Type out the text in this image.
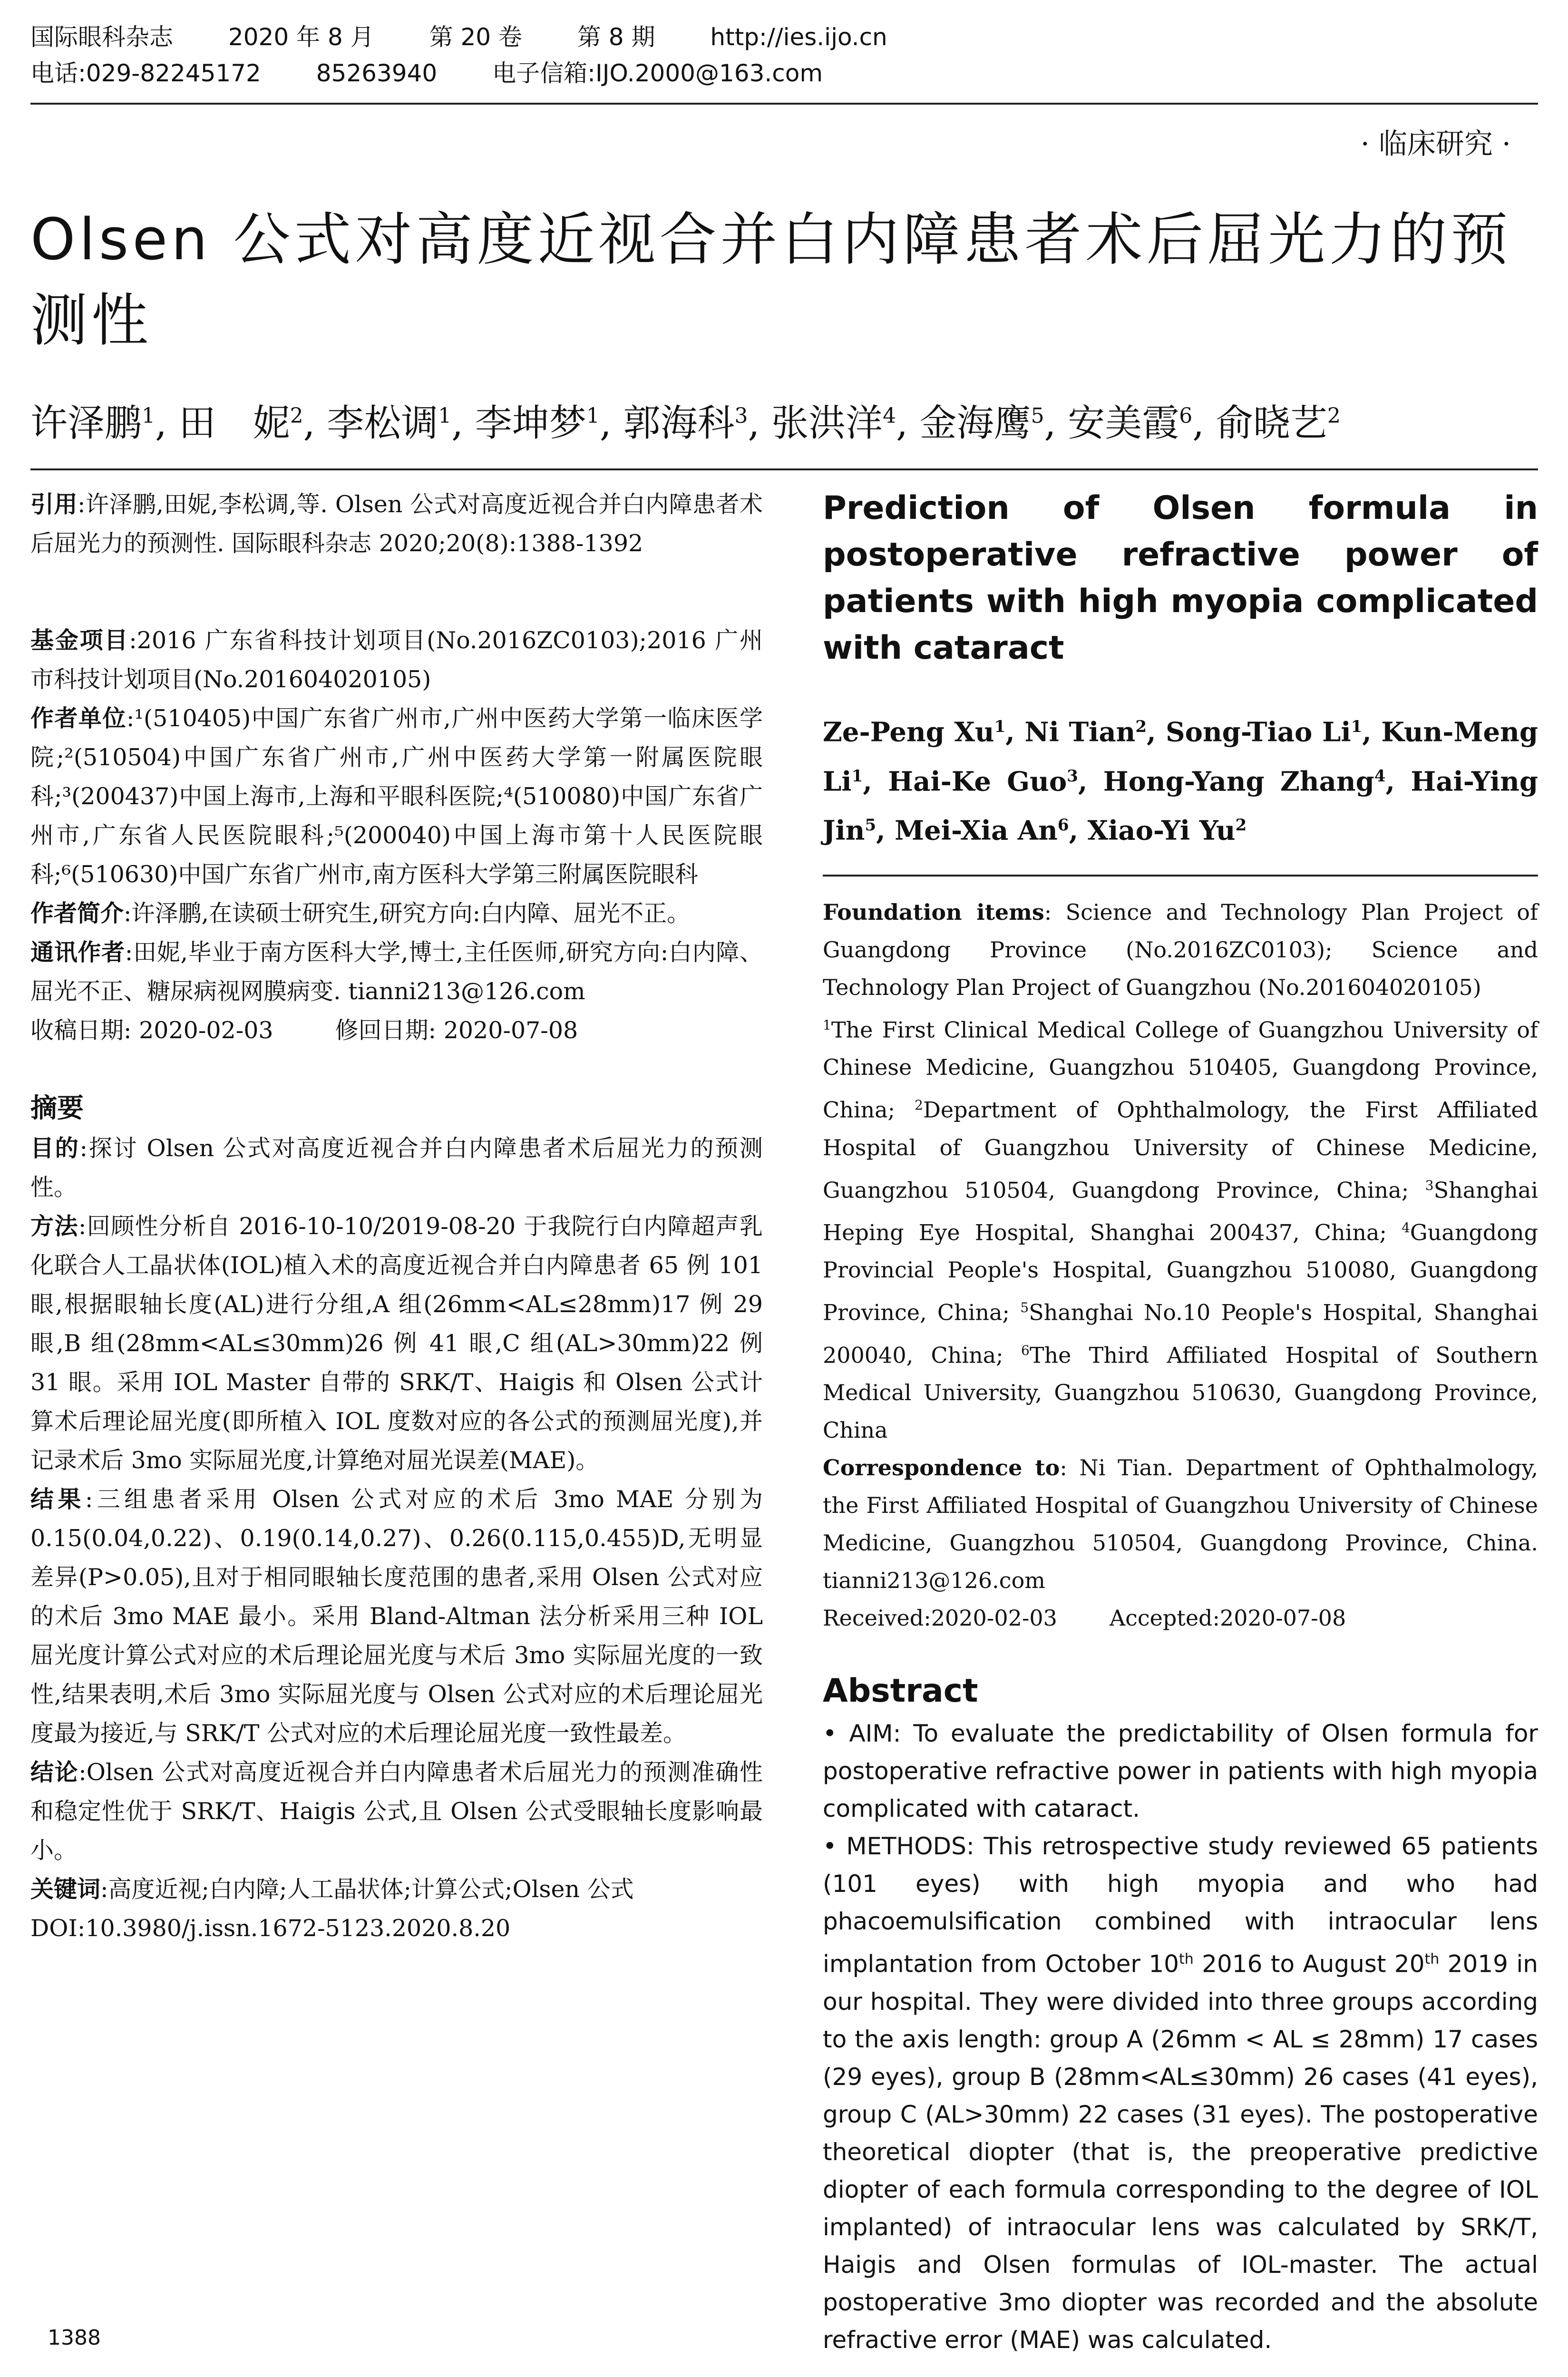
国际眼科杂志 2020 年 8 月 第 20 卷 第 8 期 http://ies.ijo.cn
电话:029-82245172 85263940 电子信箱:IJO.2000@163.com
· 临床研究 ·
Olsen 公式对高度近视合并白内障患者术后屈光力的预测性
许泽鹏$^1$, 田　妮$^2$, 李松调$^1$, 李坤梦$^1$, 郭海科$^3$, 张洪洋$^4$, 金海鹰$^5$, 安美霞$^6$, 俞晓艺$^2$

引用:许泽鹏,田妮,李松调,等. Olsen 公式对高度近视合并白内障患者术后屈光力的预测性. 国际眼科杂志 2020;20(8):1388-1392

基金项目:2016 广东省科技计划项目(No.2016ZC0103);2016 广州市科技计划项目(No.201604020105)

作者单位:¹(510405)中国广东省广州市,广州中医药大学第一临床医学院;²(510504)中国广东省广州市,广州中医药大学第一附属医院眼科;³(200437)中国上海市,上海和平眼科医院;⁴(510080)中国广东省广州市,广东省人民医院眼科;⁵(200040)中国上海市第十人民医院眼科;⁶(510630)中国广东省广州市,南方医科大学第三附属医院眼科

作者简介:许泽鹏,在读硕士研究生,研究方向:白内障、屈光不正。

通讯作者:田妮,毕业于南方医科大学,博士,主任医师,研究方向:白内障、屈光不正、糖尿病视网膜病变. tianni213@126.com

收稿日期: 2020-02-03	修回日期: 2020-07-08

摘要

目的:探讨 Olsen 公式对高度近视合并白内障患者术后屈光力的预测性。

方法:回顾性分析自 2016-10-10/2019-08-20 于我院行白内障超声乳化联合人工晶状体(IOL)植入术的高度近视合并白内障患者 65 例 101 眼,根据眼轴长度(AL)进行分组,A 组(26mm<AL≤28mm)17 例 29 眼,B 组(28mm<AL≤30mm)26 例 41 眼,C 组(AL>30mm)22 例 31 眼。采用 IOL Master 自带的 SRK/T、Haigis 和 Olsen 公式计算术后理论屈光度(即所植入 IOL 度数对应的各公式的预测屈光度),并记录术后 3mo 实际屈光度,计算绝对屈光误差(MAE)。

结果:三组患者采用 Olsen 公式对应的术后 3mo MAE 分别为 0.15(0.04,0.22)、0.19(0.14,0.27)、0.26(0.115,0.455)D,无明显差异(P>0.05),且对于相同眼轴长度范围的患者,采用 Olsen 公式对应的术后 3mo MAE 最小。采用 Bland-Altman 法分析采用三种 IOL 屈光度计算公式对应的术后理论屈光度与术后 3mo 实际屈光度的一致性,结果表明,术后 3mo 实际屈光度与 Olsen 公式对应的术后理论屈光度最为接近,与 SRK/T 公式对应的术后理论屈光度一致性最差。

结论:Olsen 公式对高度近视合并白内障患者术后屈光力的预测准确性和稳定性优于 SRK/T、Haigis 公式,且 Olsen 公式受眼轴长度影响最小。

关键词:高度近视;白内障;人工晶状体;计算公式;Olsen 公式

DOI:10.3980/j.issn.1672-5123.2020.8.20

Prediction of Olsen formula in postoperative refractive power of patients with high myopia complicated with cataract
Ze-Peng Xu$^1$, Ni Tian$^2$, Song-Tiao Li$^1$, Kun-Meng Li$^1$, Hai-Ke Guo$^3$, Hong-Yang Zhang$^4$, Hai-Ying Jin$^5$, Mei-Xia An$^6$, Xiao-Yi Yu$^2$

Foundation items: Science and Technology Plan Project of Guangdong Province (No.2016ZC0103); Science and Technology Plan Project of Guangzhou (No.201604020105)

$^1$The First Clinical Medical College of Guangzhou University of Chinese Medicine, Guangzhou 510405, Guangdong Province, China; $^2$Department of Ophthalmology, the First Affiliated Hospital of Guangzhou University of Chinese Medicine, Guangzhou 510504, Guangdong Province, China; $^3$Shanghai Heping Eye Hospital, Shanghai 200437, China; $^4$Guangdong Provincial People's Hospital, Guangzhou 510080, Guangdong Province, China; $^5$Shanghai No.10 People's Hospital, Shanghai 200040, China; $^6$The Third Affiliated Hospital of Southern Medical University, Guangzhou 510630, Guangdong Province, China

Correspondence to: Ni Tian. Department of Ophthalmology, the First Affiliated Hospital of Guangzhou University of Chinese Medicine, Guangzhou 510504, Guangdong Province, China. tianni213@126.com

Received:2020-02-03 Accepted:2020-07-08

Abstract

• AIM: To evaluate the predictability of Olsen formula for postoperative refractive power in patients with high myopia complicated with cataract.

• METHODS: This retrospective study reviewed 65 patients (101 eyes) with high myopia and who had phacoemulsification combined with intraocular lens implantation from October 10th 2016 to August 20th 2019 in our hospital. They were divided into three groups according to the axis length: group A (26mm < AL ≤ 28mm) 17 cases (29 eyes), group B (28mm<AL≤30mm) 26 cases (41 eyes), group C (AL>30mm) 22 cases (31 eyes). The postoperative theoretical diopter (that is, the preoperative predictive diopter of each formula corresponding to the degree of IOL implanted) of intraocular lens was calculated by SRK/T, Haigis and Olsen formulas of IOL-master. The actual postoperative 3mo diopter was recorded and the absolute refractive error (MAE) was calculated.

1388
